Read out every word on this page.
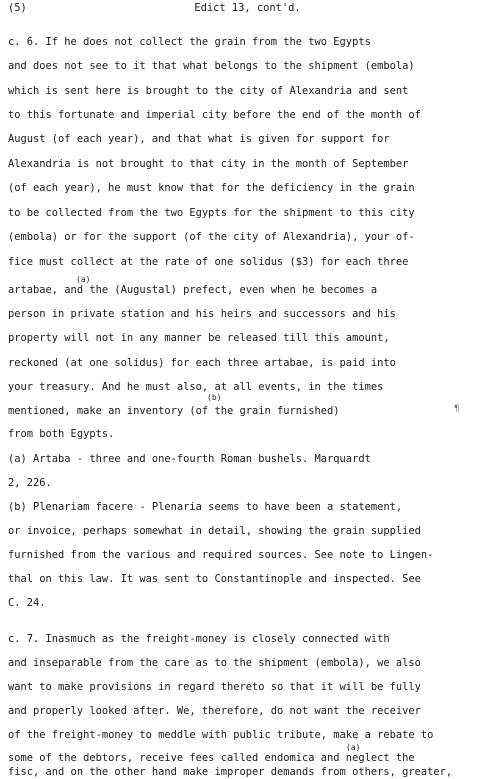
(5)	Edict 13, cont'd.
c. 6. If he does not collect the grain from the two Egypts
and does not see to it that what belongs to the shipment (embola)
which is sent here is brought to the city of Alexandria and sent
to this fortunate and imperial city before the end of the month of
August (of each year), and that what is given for support for
Alexandria is not brought to that city in the month of September
(of each year), he must know that for the deficiency in the grain
to be collected from the two Egypts for the shipment to this city
(embola) or for the support (of the city of Alexandria), your of-
fice must collect at the rate of one solidus ($3) for each three
artabae, and the (Augustal) prefect, even when he becomes a
(a)
person in private station and his heirs and successors and his
property will not in any manner be released till this amount,
reckoned (at one solidus) for each three artabae, is paid into
your treasury. And he must also, at all events, in the times
mentioned, make an inventory (of the grain furnished)
(b)
¶
from both Egypts.
(a) Artaba - three and one-fourth Roman bushels. Marquardt
2, 226.
(b) Plenariam facere - Plenaria seems to have been a statement,
or invoice, perhaps somewhat in detail, showing the grain supplied
furnished from the various and required sources. See note to Lingen-
thal on this law. It was sent to Constantinople and inspected. See
C. 24.
c. 7. Inasmuch as the freight-money is closely connected with
and inseparable from the care as to the shipment (embola), we also
want to make provisions in regard thereto so that it will be fully
and properly looked after. We, therefore, do not want the receiver
of the freight-money to meddle with public tribute, make a rebate to
some of the debtors, receive fees called endomica and neglect the
(a)
fisc, and on the other hand make improper demands from others, greater,
